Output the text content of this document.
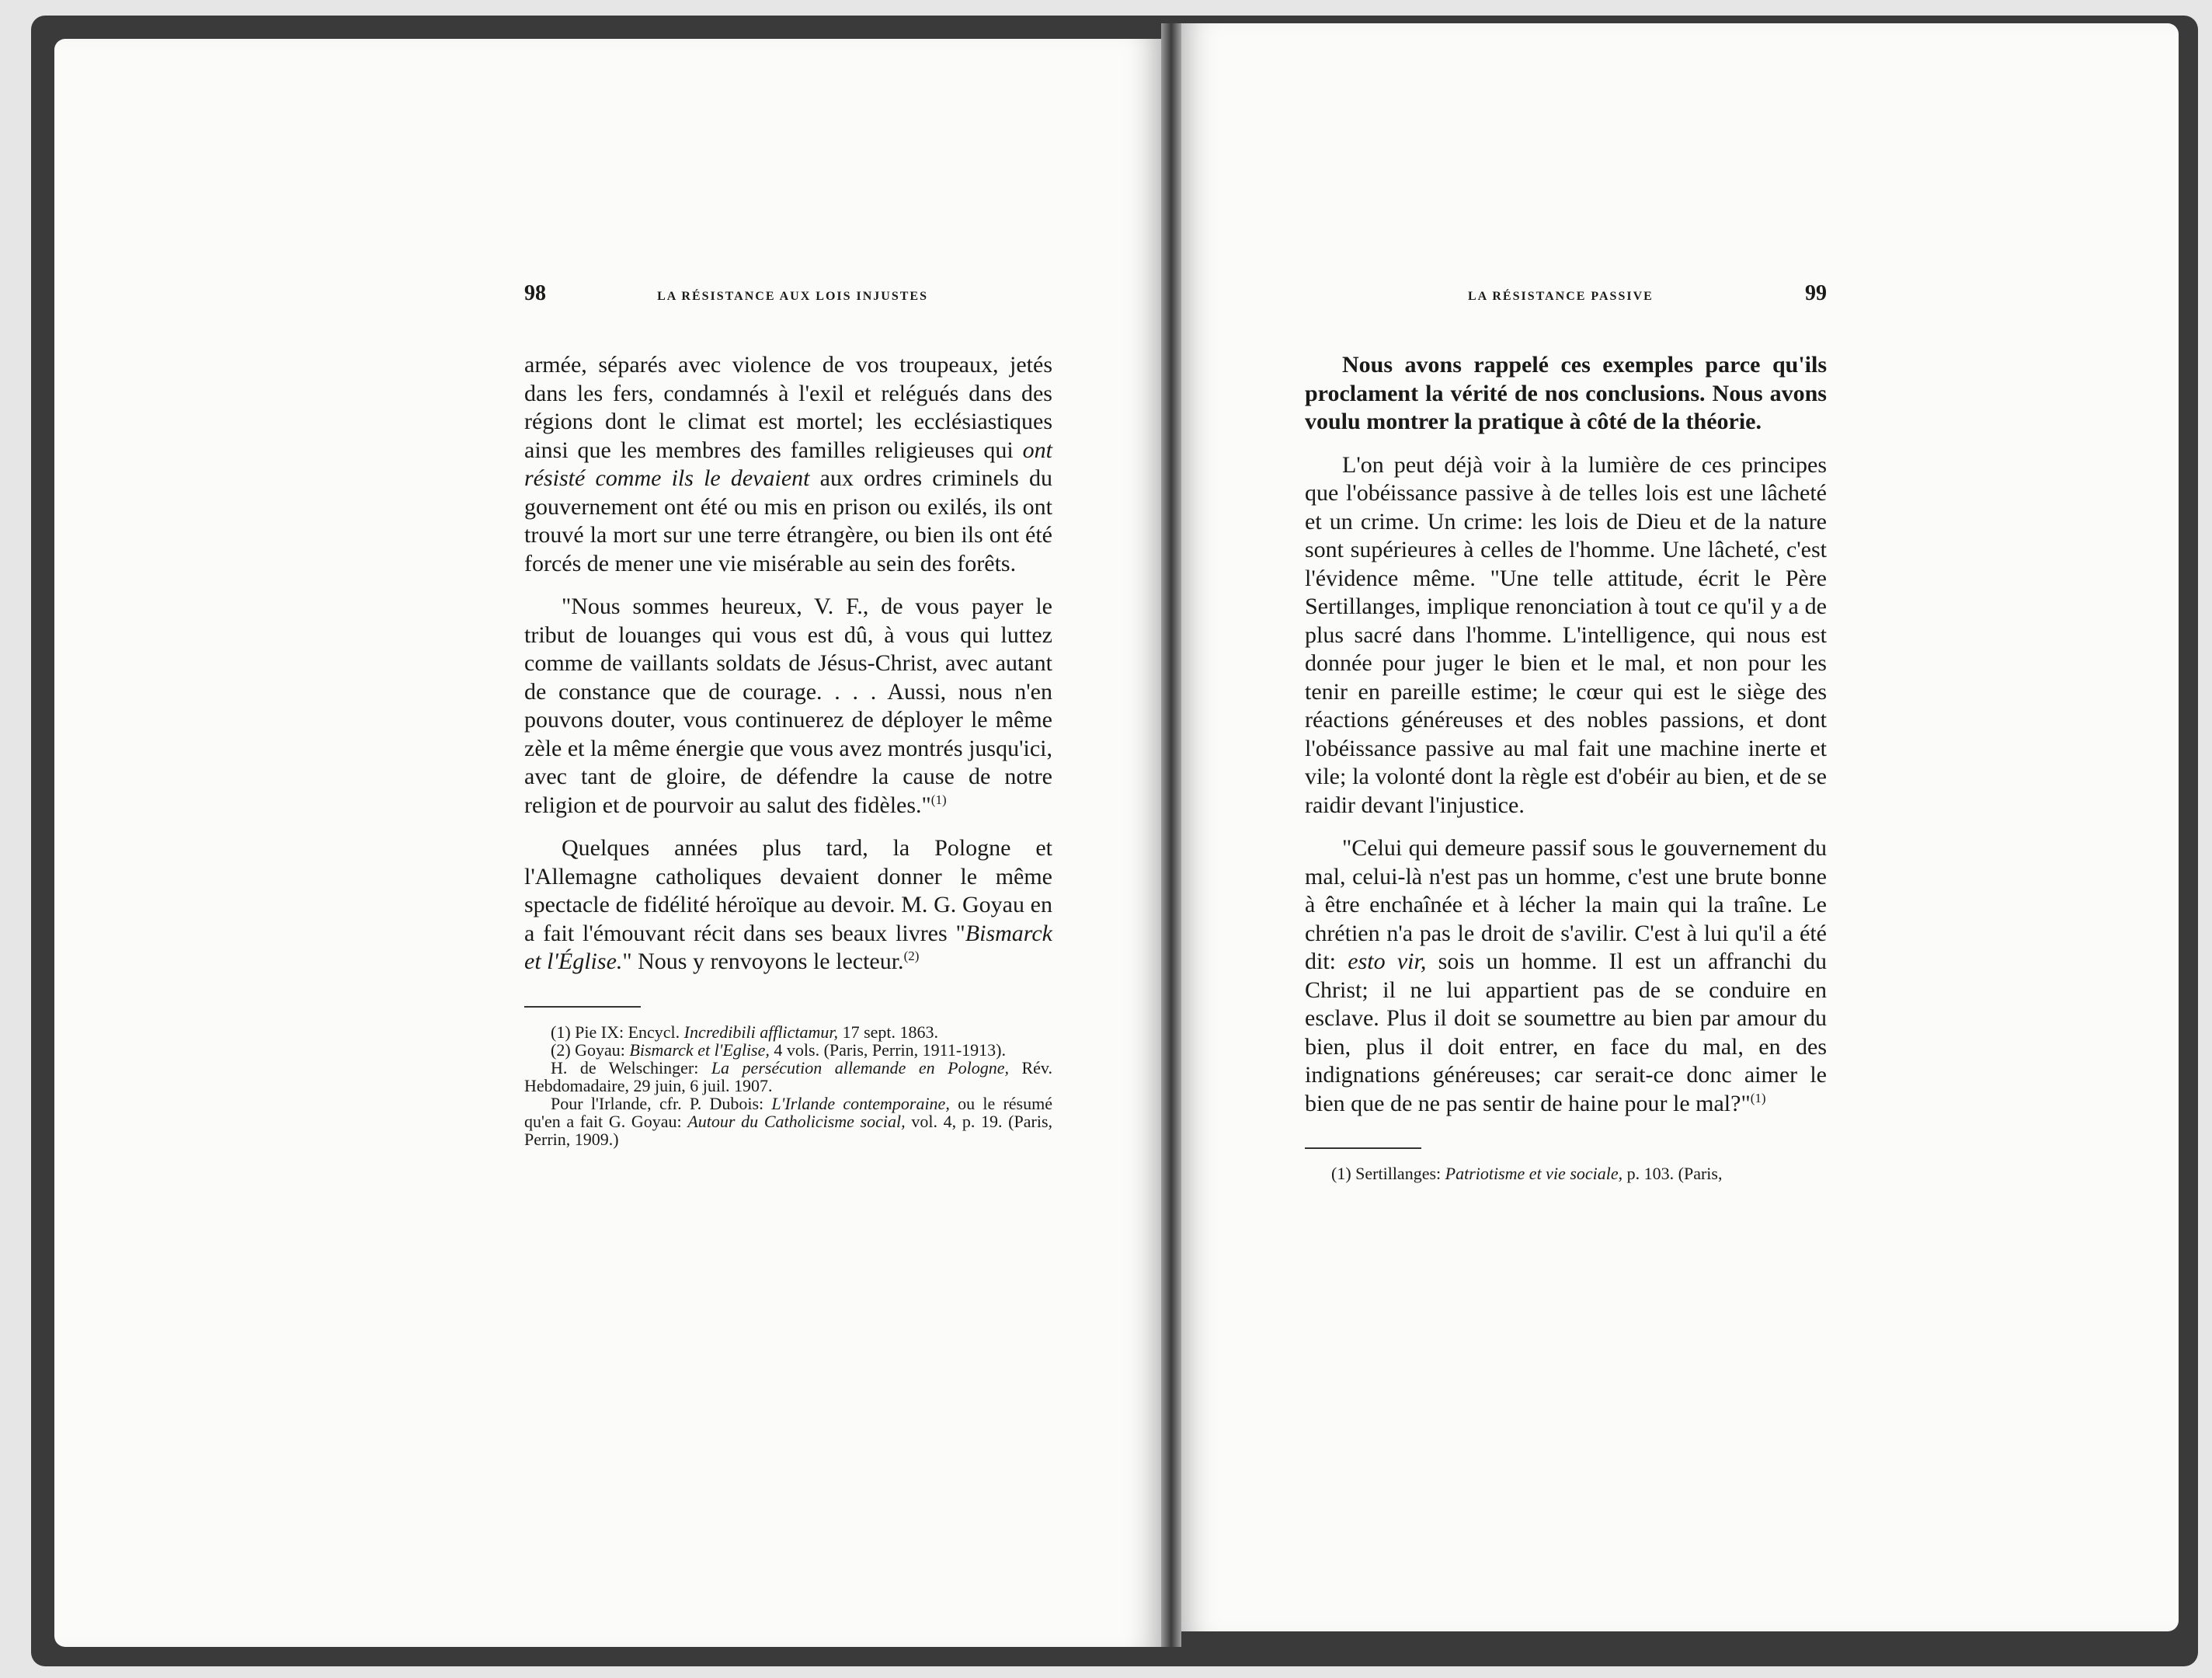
98	LA RÉSISTANCE AUX LOIS INJUSTES

armée, séparés avec violence de vos troupeaux, jetés dans les fers, condamnés à l'exil et relégués dans des régions dont le climat est mortel; les ecclésiastiques ainsi que les membres des familles religieuses qui ont résisté comme ils le devaient aux ordres criminels du gouvernement ont été ou mis en prison ou exilés, ils ont trouvé la mort sur une terre étrangère, ou bien ils ont été forcés de mener une vie misérable au sein des forêts.

"Nous sommes heureux, V. F., de vous payer le tribut de louanges qui vous est dû, à vous qui luttez comme de vaillants soldats de Jésus-Christ, avec autant de constance que de courage. . . . Aussi, nous n'en pouvons douter, vous continuerez de déployer le même zèle et la même énergie que vous avez montrés jusqu'ici, avec tant de gloire, de défendre la cause de notre religion et de pourvoir au salut des fidèles."$^{(1)}$

Quelques années plus tard, la Pologne et l'Allemagne catholiques devaient donner le même spectacle de fidélité héroïque au devoir. M. G. Goyau en a fait l'émouvant récit dans ses beaux livres "Bismarck et l'Église." Nous y renvoyons le lecteur.$^{(2)}$

(1) Pie IX: Encycl. Incredibili afflictamur, 17 sept. 1863.

(2) Goyau: Bismarck et l'Eglise, 4 vols. (Paris, Perrin, 1911-1913).

H. de Welschinger: La persécution allemande en Pologne, Rév. Hebdomadaire, 29 juin, 6 juil. 1907.

Pour l'Irlande, cfr. P. Dubois: L'Irlande contemporaine, ou le résumé qu'en a fait G. Goyau: Autour du Catholicisme social, vol. 4, p. 19. (Paris, Perrin, 1909.)

LA RÉSISTANCE PASSIVE	99

Nous avons rappelé ces exemples parce qu'ils proclament la vérité de nos conclusions. Nous avons voulu montrer la pratique à côté de la théorie.

L'on peut déjà voir à la lumière de ces principes que l'obéissance passive à de telles lois est une lâcheté et un crime. Un crime: les lois de Dieu et de la nature sont supérieures à celles de l'homme. Une lâcheté, c'est l'évidence même. "Une telle attitude, écrit le Père Sertillanges, implique renonciation à tout ce qu'il y a de plus sacré dans l'homme. L'intelligence, qui nous est donnée pour juger le bien et le mal, et non pour les tenir en pareille estime; le cœur qui est le siège des réactions généreuses et des nobles passions, et dont l'obéissance passive au mal fait une machine inerte et vile; la volonté dont la règle est d'obéir au bien, et de se raidir devant l'injustice.

"Celui qui demeure passif sous le gouvernement du mal, celui-là n'est pas un homme, c'est une brute bonne à être enchaînée et à lécher la main qui la traîne. Le chrétien n'a pas le droit de s'avilir. C'est à lui qu'il a été dit: esto vir, sois un homme. Il est un affranchi du Christ; il ne lui appartient pas de se conduire en esclave. Plus il doit se soumettre au bien par amour du bien, plus il doit entrer, en face du mal, en des indignations généreuses; car serait-ce donc aimer le bien que de ne pas sentir de haine pour le mal?"$^{(1)}$

(1) Sertillanges: Patriotisme et vie sociale, p. 103. (Paris,
